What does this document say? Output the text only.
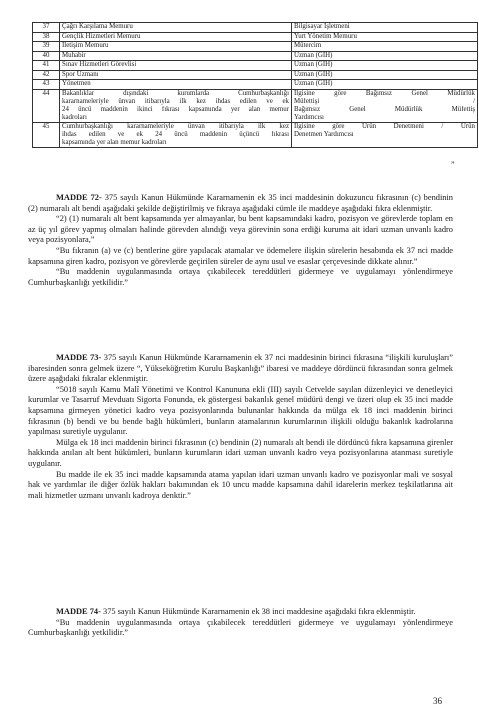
37	Çağrı Karşılama Memuru	Bilgisayar İşletmeni

38	Gençlik Hizmetleri Memuru	Yurt Yönetim Memuru

39	İletişim Memuru	Mütercim

40	Muhabir	Uzman (GİH)

41	Sınav Hizmetleri Görevlisi	Uzman (GİH)

42	Spor Uzmanı	Uzman (GİH)

43	Yönetmen	Uzman (GİH)

44	Bakanlıklar dışındaki kurumlarda Cumhurbaşkanlığı
kararnameleriyle ünvan itibarıyla ilk kez ihdas edilen ve ek
24 üncü maddenin ikinci fıkrası kapsamında yer alan memur
kadroları	İlgisine göre Bağımsız Genel Müdürlük
Müfettişi /
Bağımsız Genel Müdürlük Müfettiş
Yardımcısı

45	Cumhurbaşkanlığı kararnameleriyle ünvan itibarıyla ilk kez
ihdas edilen ve ek 24 üncü maddenin üçüncü fıkrası
kapsamında yer alan memur kadroları	İlgisine göre Ürün Denetmeni / Ürün
Denetmen Yardımcısı
”

MADDE 72- 375 sayılı Kanun Hükmünde Kararnamenin ek 35 inci maddesinin dokuzuncu fıkrasının (c) bendinin (2) numaralı alt bendi aşağıdaki şekilde değiştirilmiş ve fıkraya aşağıdaki cümle ile maddeye aşağıdaki fıkra eklenmiştir.

“2) (1) numaralı alt bent kapsamında yer almayanlar, bu bent kapsamındaki kadro, pozisyon ve görevlerde toplam en az üç yıl görev yapmış olmaları halinde görevden alındığı veya görevinin sona erdiği kuruma ait idari uzman unvanlı kadro veya pozisyonlara,”

“Bu fıkranın (a) ve (c) bentlerine göre yapılacak atamalar ve ödemelere ilişkin sürelerin hesabında ek 37 nci madde kapsamına giren kadro, pozisyon ve görevlerde geçirilen süreler de aynı usul ve esaslar çerçevesinde dikkate alınır.”

“Bu maddenin uygulanmasında ortaya çıkabilecek tereddütleri gidermeye ve uygulamayı yönlendirmeye Cumhurbaşkanlığı yetkilidir.”

MADDE 73- 375 sayılı Kanun Hükmünde Kararnamenin ek 37 nci maddesinin birinci fıkrasına “ilişkili kuruluşları” ibaresinden sonra gelmek üzere “, Yükseköğretim Kurulu Başkanlığı” ibaresi ve maddeye dördüncü fıkrasından sonra gelmek üzere aşağıdaki fıkralar eklenmiştir.

“5018 sayılı Kamu Malî Yönetimi ve Kontrol Kanununa ekli (III) sayılı Cetvelde sayılan düzenleyici ve denetleyici kurumlar ve Tasarruf Mevduatı Sigorta Fonunda, ek göstergesi bakanlık genel müdürü dengi ve üzeri olup ek 35 inci madde kapsamına girmeyen yönetici kadro veya pozisyonlarında bulunanlar hakkında da mülga ek 18 inci maddenin birinci fıkrasının (b) bendi ve bu bende bağlı hükümleri, bunların atamalarının kurumlarının ilişkili olduğu bakanlık kadrolarına yapılması suretiyle uygulanır.

Mülga ek 18 inci maddenin birinci fıkrasının (c) bendinin (2) numaralı alt bendi ile dördüncü fıkra kapsamına girenler hakkında anılan alt bent hükümleri, bunların kurumların idari uzman unvanlı kadro veya pozisyonlarına atanması suretiyle uygulanır.

Bu madde ile ek 35 inci madde kapsamında atama yapılan idari uzman unvanlı kadro ve pozisyonlar mali ve sosyal hak ve yardımlar ile diğer özlük hakları bakımından ek 10 uncu madde kapsamına dahil idarelerin merkez teşkilatlarına ait mali hizmetler uzmanı unvanlı kadroya denktir.”

MADDE 74- 375 sayılı Kanun Hükmünde Kararnamenin ek 38 inci maddesine aşağıdaki fıkra eklenmiştir.

“Bu maddenin uygulanmasında ortaya çıkabilecek tereddütleri gidermeye ve uygulamayı yönlendirmeye Cumhurbaşkanlığı yetkilidir.”

36
